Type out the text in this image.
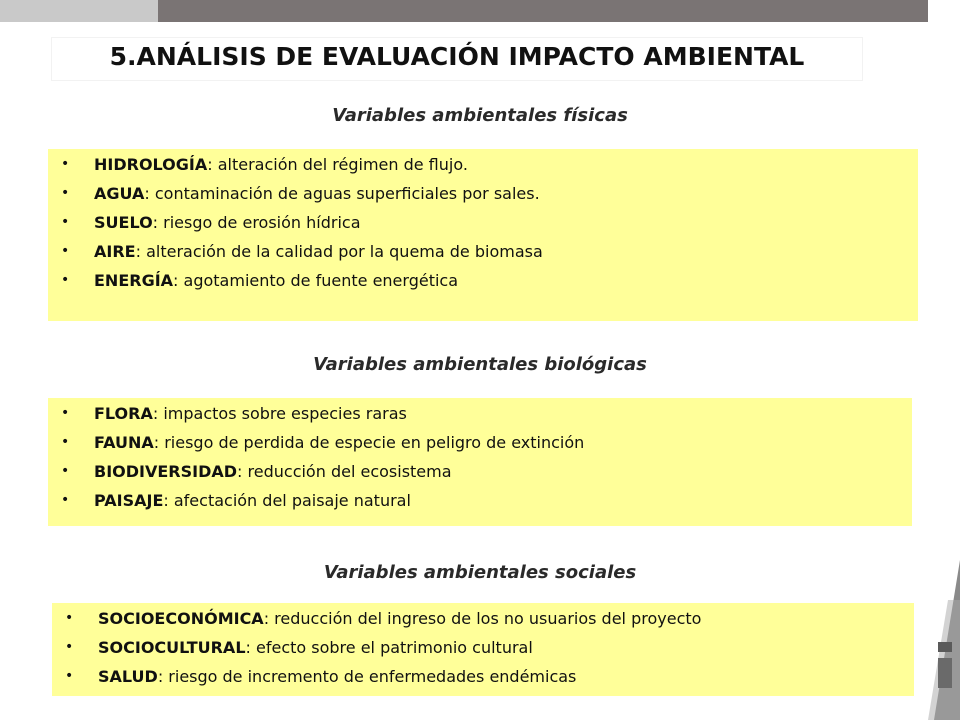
5.ANÁLISIS DE EVALUACIÓN IMPACTO AMBIENTAL
Variables ambientales físicas
• HIDROLOGÍA: alteración del régimen de flujo.
• AGUA: contaminación de aguas superficiales por sales.
• SUELO: riesgo de erosión hídrica
• AIRE: alteración de la calidad por la quema de biomasa
• ENERGÍA: agotamiento de fuente energética
Variables ambientales biológicas
• FLORA: impactos sobre especies raras
• FAUNA: riesgo de perdida de especie en peligro de extinción
• BIODIVERSIDAD: reducción del ecosistema
• PAISAJE: afectación del paisaje natural
Variables ambientales sociales
• SOCIOECONÓMICA: reducción del ingreso de los no usuarios del proyecto
• SOCIOCULTURAL: efecto sobre el patrimonio cultural
• SALUD: riesgo de incremento de enfermedades endémicas
